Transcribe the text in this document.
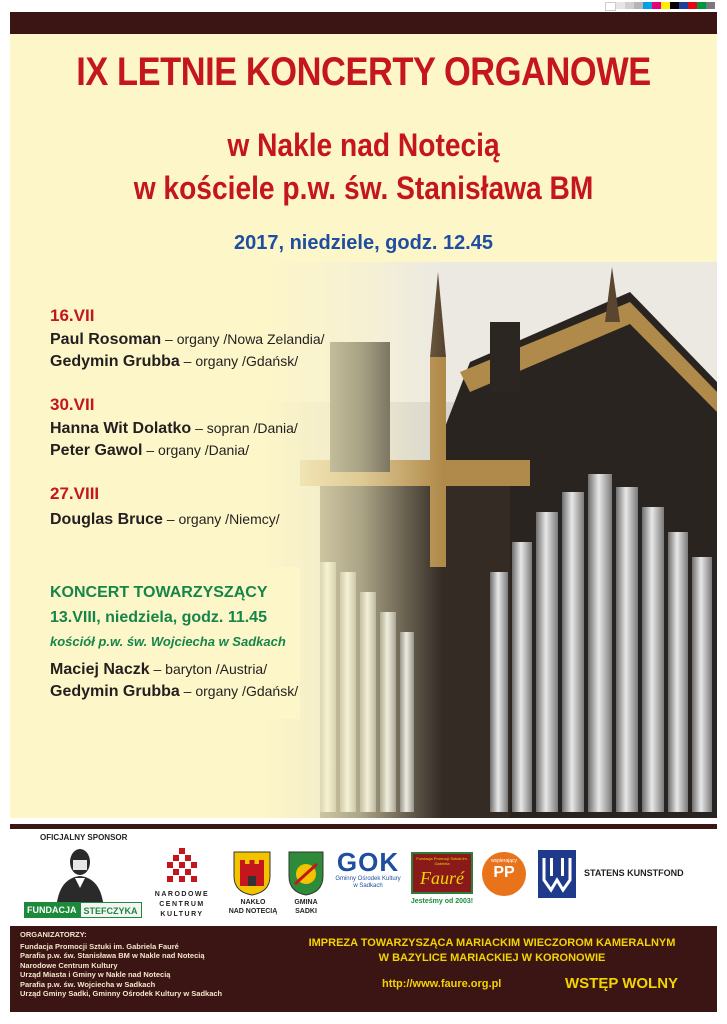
IX LETNIE KONCERTY ORGANOWE
w Nakle nad Notecią
w kościele p.w. św. Stanisława BM
2017, niedziele, godz. 12.45
16.VII
Paul Rosoman – organy /Nowa Zelandia/
Gedymin Grubba – organy /Gdańsk/
30.VII
Hanna Wit Dolatko – sopran /Dania/
Peter Gawol – organy /Dania/
27.VIII
Douglas Bruce – organy /Niemcy/
KONCERT TOWARZYSZĄCY
13.VIII, niedziela, godz. 11.45
kościół p.w. św. Wojciecha w Sadkach
Maciej Naczk – baryton /Austria/
Gedymin Grubba – organy /Gdańsk/
OFICJALNY SPONSOR
FUNDACJA STEFCZYKA
NARODOWE
CENTRUM
KULTURY
NAKŁO
NAD NOTECIĄ
GMINA
SADKI
GOK
Gminny Ośrodek Kultury
w Sadkach
Fundacja Promocji Sztuki im. Gabriela
Fauré
Jesteśmy od 2003!
wspierający
PP	STATENS KUNSTFOND
ORGANIZATORZY:
Fundacja Promocji Sztuki im. Gabriela Fauré
Parafia p.w. św. Stanisława BM w Nakle nad Notecią
Narodowe Centrum Kultury
Urząd Miasta i Gminy w Nakle nad Notecią
Parafia p.w. św. Wojciecha w Sadkach
Urząd Gminy Sadki, Gminny Ośrodek Kultury w Sadkach
IMPREZA TOWARZYSZĄCA MARIACKIM WIECZOROM KAMERALNYM
W BAZYLICE MARIACKIEJ W KORONOWIE
http://www.faure.org.pl	WSTĘP WOLNY
